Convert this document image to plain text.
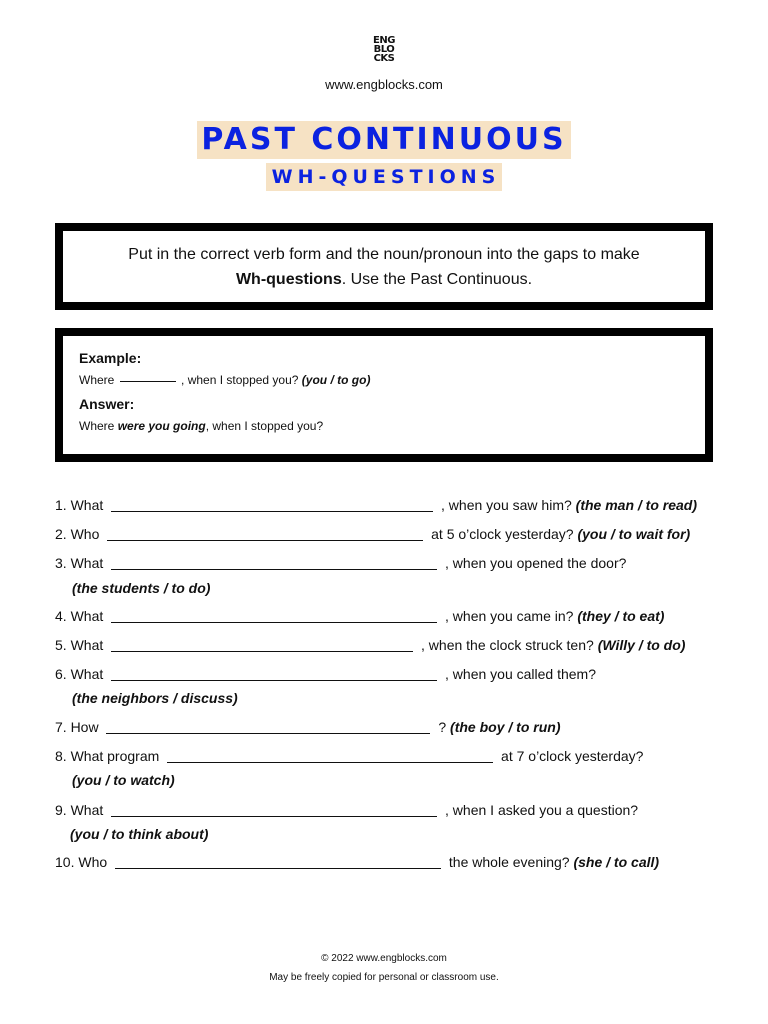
ENG
BLO
CKS
www.engblocks.com
PAST CONTINUOUS
WH-QUESTIONS
Put in the correct verb form and the noun/pronoun into the gaps to make
Wh-questions. Use the Past Continuous.
Example:
Where	, when I stopped you? (you / to go)
Answer:
Where were you going, when I stopped you?
1. What	, when you saw him? (the man / to read)
2. Who	at 5 o’clock yesterday? (you / to wait for)
3. What	, when you opened the door?
(the students / to do)
4. What	, when you came in? (they / to eat)
5. What	, when the clock struck ten? (Willy / to do)
6. What	, when you called them?
(the neighbors / discuss)
7. How	? (the boy / to run)
8. What program	at 7 o’clock yesterday?
(you / to watch)
9. What	, when I asked you a question?
(you / to think about)
10. Who	the whole evening? (she / to call)
© 2022 www.engblocks.com
May be freely copied for personal or classroom use.
